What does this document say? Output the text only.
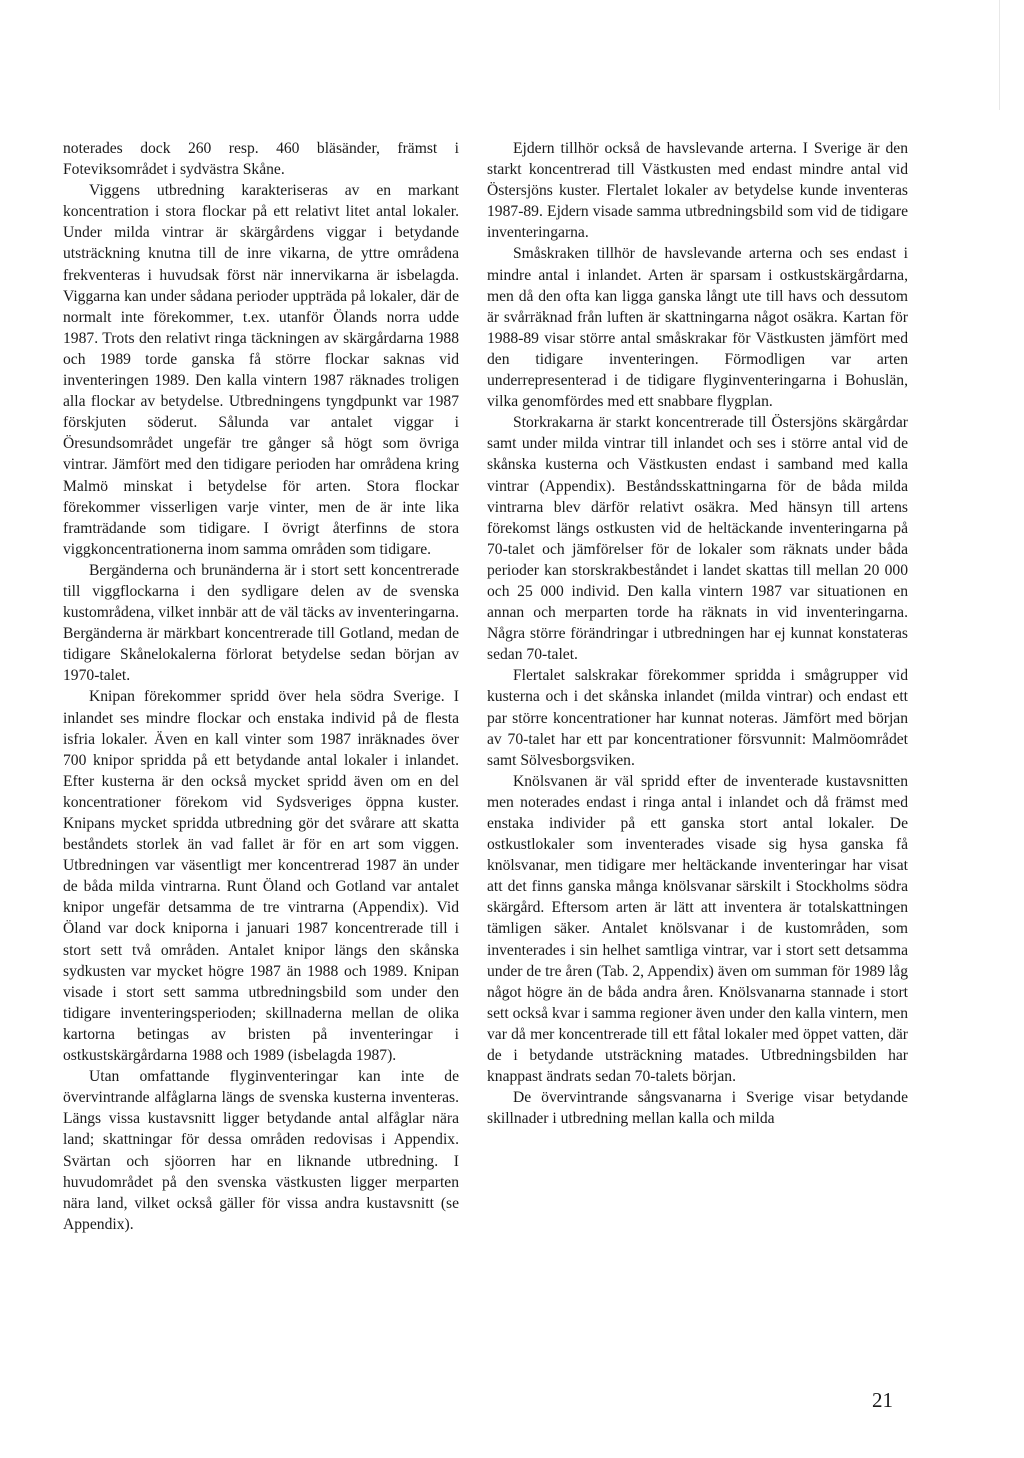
noterades dock 260 resp. 460 bläsänder, främst i Foteviksområdet i sydvästra Skåne.

Viggens utbredning karakteriseras av en markant koncentration i stora flockar på ett relativt litet antal lokaler. Under milda vintrar är skärgårdens viggar i betydande utsträckning knutna till de inre vikarna, de yttre områdena frekventeras i huvudsak först när innervikarna är isbelagda. Viggarna kan under sådana perioder uppträda på lokaler, där de normalt inte förekommer, t.ex. utanför Ölands norra udde 1987. Trots den relativt ringa täckningen av skärgårdarna 1988 och 1989 torde ganska få större flockar saknas vid inventeringen 1989. Den kalla vintern 1987 räknades troligen alla flockar av betydelse. Utbredningens tyngdpunkt var 1987 förskjuten söderut. Sålunda var antalet viggar i Öresundsområdet ungefär tre gånger så högt som övriga vintrar. Jämfört med den tidigare perioden har områdena kring Malmö minskat i betydelse för arten. Stora flockar förekommer visserligen varje vinter, men de är inte lika framträdande som tidigare. I övrigt återfinns de stora viggkoncentrationerna inom samma områden som tidigare.

Bergänderna och brunänderna är i stort sett koncentrerade till viggflockarna i den sydligare delen av de svenska kustområdena, vilket innbär att de väl täcks av inventeringarna. Bergänderna är märkbart koncentrerade till Gotland, medan de tidigare Skånelokalerna förlorat betydelse sedan början av 1970-talet.

Knipan förekommer spridd över hela södra Sverige. I inlandet ses mindre flockar och enstaka individ på de flesta isfria lokaler. Även en kall vinter som 1987 inräknades över 700 knipor spridda på ett betydande antal lokaler i inlandet. Efter kusterna är den också mycket spridd även om en del koncentrationer förekom vid Sydsveriges öppna kuster. Knipans mycket spridda utbredning gör det svårare att skatta beståndets storlek än vad fallet är för en art som viggen. Utbredningen var väsentligt mer koncentrerad 1987 än under de båda milda vintrarna. Runt Öland och Gotland var antalet knipor ungefär detsamma de tre vintrarna (Appendix). Vid Öland var dock kniporna i januari 1987 koncentrerade till i stort sett två områden. Antalet knipor längs den skånska sydkusten var mycket högre 1987 än 1988 och 1989. Knipan visade i stort sett samma utbredningsbild som under den tidigare inventeringsperioden; skillnaderna mellan de olika kartorna betingas av bristen på inventeringar i ostkustskärgårdarna 1988 och 1989 (isbelagda 1987).

Utan omfattande flyginventeringar kan inte de övervintrande alfåglarna längs de svenska kusterna inventeras. Längs vissa kustavsnitt ligger betydande antal alfåglar nära land; skattningar för dessa områden redovisas i Appendix. Svärtan och sjöorren har en liknande utbredning. I huvudområdet på den svenska västkusten ligger merparten nära land, vilket också gäller för vissa andra kustavsnitt (se Appendix).

Ejdern tillhör också de havslevande arterna. I Sverige är den starkt koncentrerad till Västkusten med endast mindre antal vid Östersjöns kuster. Flertalet lokaler av betydelse kunde inventeras 1987-89. Ejdern visade samma utbredningsbild som vid de tidigare inventeringarna.

Småskraken tillhör de havslevande arterna och ses endast i mindre antal i inlandet. Arten är sparsam i ostkustskärgårdarna, men då den ofta kan ligga ganska långt ute till havs och dessutom är svårräknad från luften är skattningarna något osäkra. Kartan för 1988-89 visar större antal småskrakar för Västkusten jämfört med den tidigare inventeringen. Förmodligen var arten underrepresenterad i de tidigare flyginventeringarna i Bohuslän, vilka genomfördes med ett snabbare flygplan.

Storkrakarna är starkt koncentrerade till Östersjöns skärgårdar samt under milda vintrar till inlandet och ses i större antal vid de skånska kusterna och Västkusten endast i samband med kalla vintrar (Appendix). Beståndsskattningarna för de båda milda vintrarna blev därför relativt osäkra. Med hänsyn till artens förekomst längs ostkusten vid de heltäckande inventeringarna på 70-talet och jämförelser för de lokaler som räknats under båda perioder kan storskrakbeståndet i landet skattas till mellan 20 000 och 25 000 individ. Den kalla vintern 1987 var situationen en annan och merparten torde ha räknats in vid inventeringarna. Några större förändringar i utbredningen har ej kunnat konstateras sedan 70-talet.

Flertalet salskrakar förekommer spridda i smågrupper vid kusterna och i det skånska inlandet (milda vintrar) och endast ett par större koncentrationer har kunnat noteras. Jämfört med början av 70-talet har ett par koncentrationer försvunnit: Malmöområdet samt Sölvesborgsviken.

Knölsvanen är väl spridd efter de inventerade kustavsnitten men noterades endast i ringa antal i inlandet och då främst med enstaka individer på ett ganska stort antal lokaler. De ostkustlokaler som inventerades visade sig hysa ganska få knölsvanar, men tidigare mer heltäckande inventeringar har visat att det finns ganska många knölsvanar särskilt i Stockholms södra skärgård. Eftersom arten är lätt att inventera är totalskattningen tämligen säker. Antalet knölsvanar i de kustområden, som inventerades i sin helhet samtliga vintrar, var i stort sett detsamma under de tre åren (Tab. 2, Appendix) även om summan för 1989 låg något högre än de båda andra åren. Knölsvanarna stannade i stort sett också kvar i samma regioner även under den kalla vintern, men var då mer koncentrerade till ett fåtal lokaler med öppet vatten, där de i betydande utsträckning matades. Utbredningsbilden har knappast ändrats sedan 70-talets början.

De övervintrande sångsvanarna i Sverige visar betydande skillnader i utbredning mellan kalla och milda

21
